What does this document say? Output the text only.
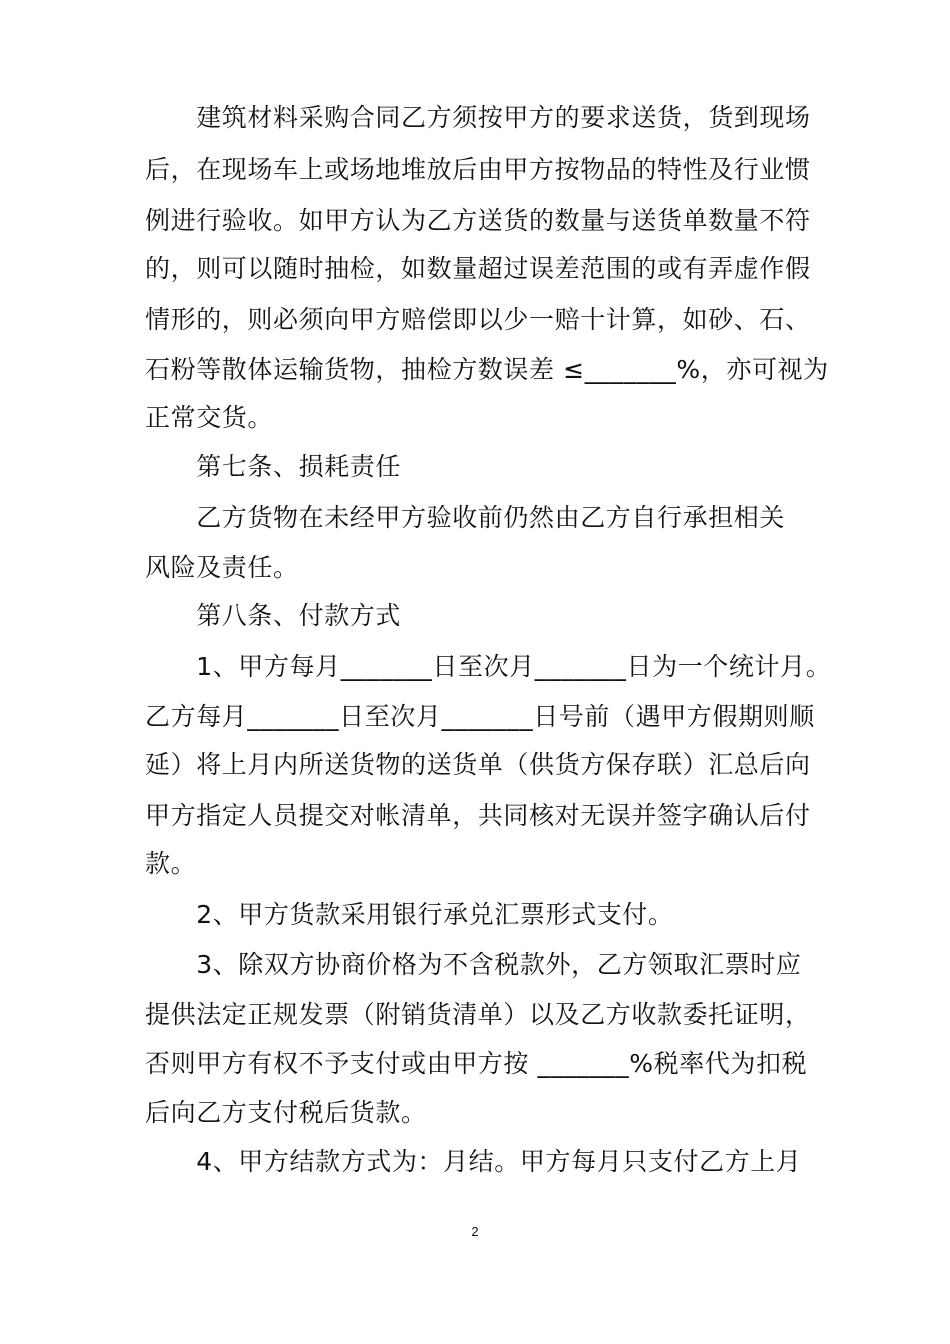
　　建筑材料采购合同乙方须按甲方的要求送货，货到现场
后，在现场车上或场地堆放后由甲方按物品的特性及行业惯
例进行验收。如甲方认为乙方送货的数量与送货单数量不符
的，则可以随时抽检，如数量超过误差范围的或有弄虚作假
情形的，则必须向甲方赔偿即以少一赔十计算，如砂、石、
石粉等散体运输货物，抽检方数误差 ≤_______%，亦可视为
正常交货。
　　第七条、损耗责任
　　乙方货物在未经甲方验收前仍然由乙方自行承担相关
风险及责任。
　　第八条、付款方式
　　1、甲方每月_______日至次月_______日为一个统计月。
乙方每月_______日至次月_______日号前（遇甲方假期则顺
延）将上月内所送货物的送货单（供货方保存联）汇总后向
甲方指定人员提交对帐清单，共同核对无误并签字确认后付
款。
　　2、甲方货款采用银行承兑汇票形式支付。
　　3、除双方协商价格为不含税款外，乙方领取汇票时应
提供法定正规发票（附销货清单）以及乙方收款委托证明，
否则甲方有权不予支付或由甲方按 _______%税率代为扣税
后向乙方支付税后货款。
　　4、甲方结款方式为：月结。甲方每月只支付乙方上月
2
